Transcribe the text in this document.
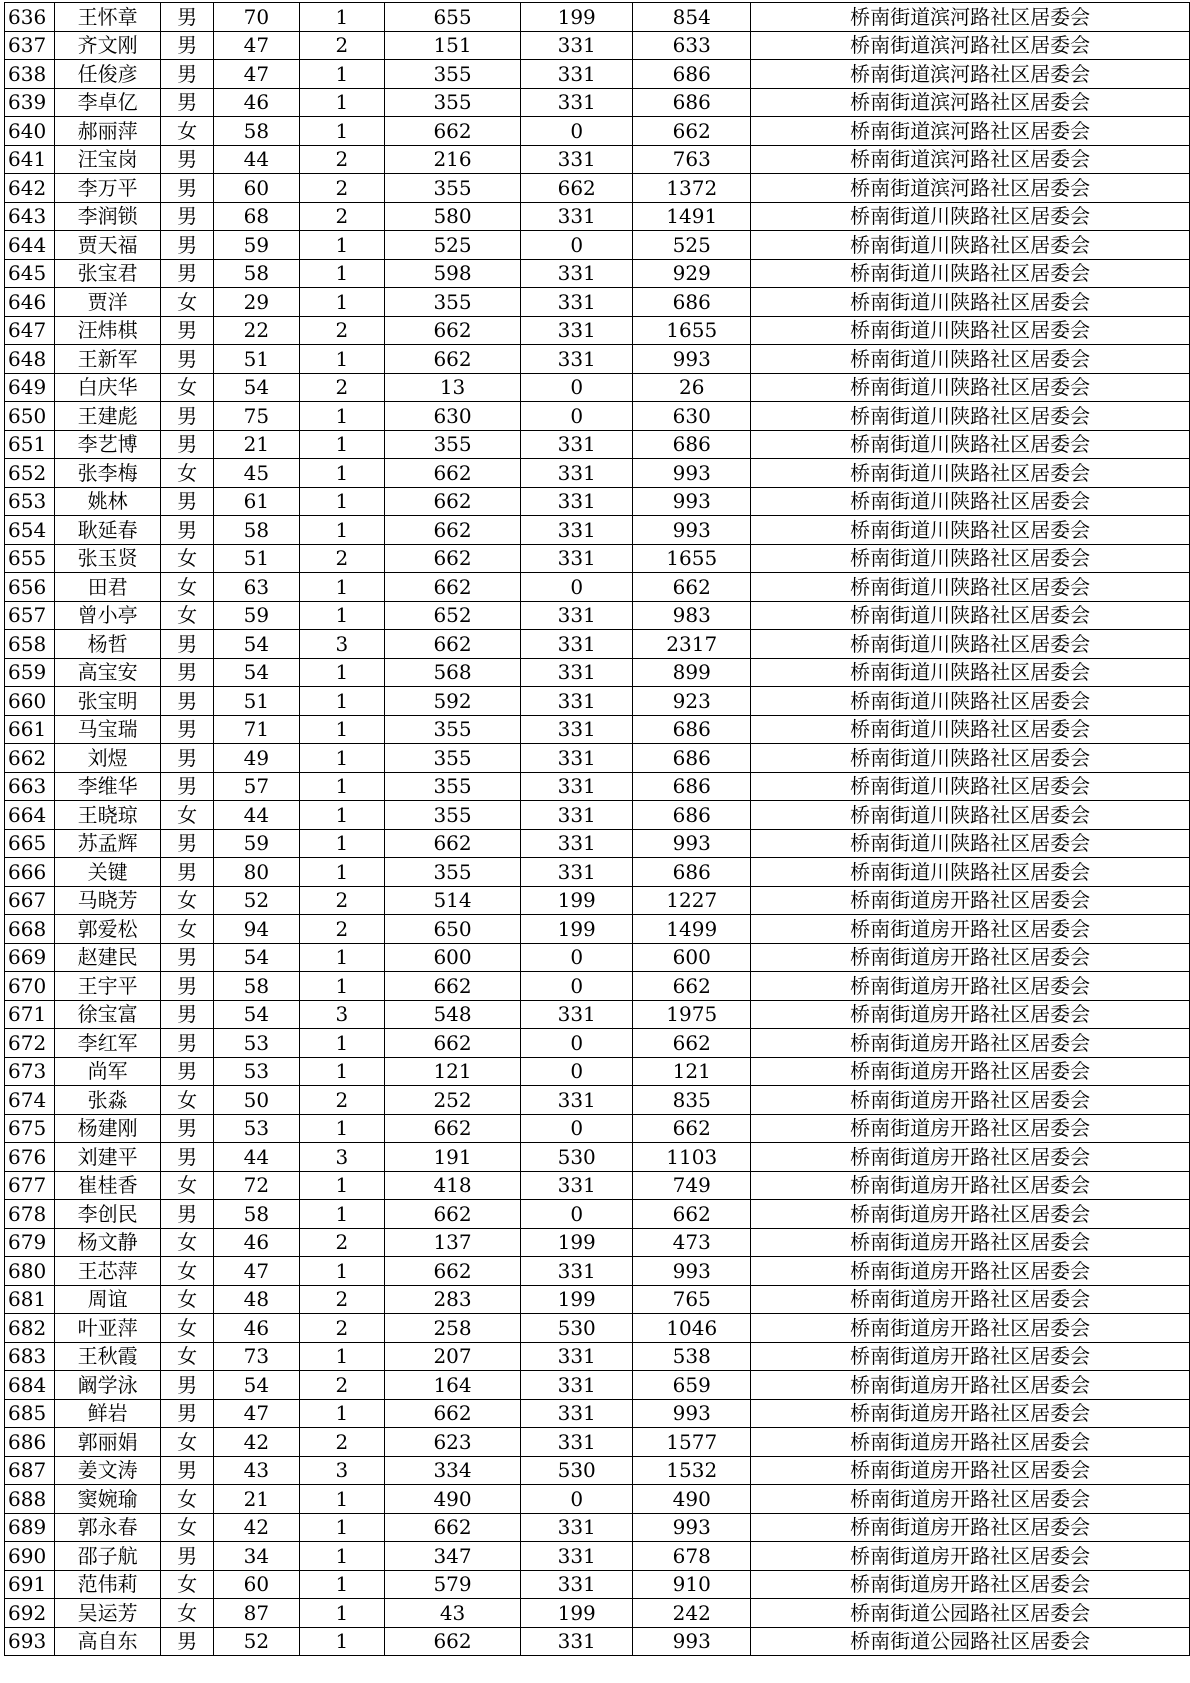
636	王怀章	男	70	1	655	199	854	桥南街道滨河路社区居委会
637	齐文刚	男	47	2	151	331	633	桥南街道滨河路社区居委会
638	任俊彦	男	47	1	355	331	686	桥南街道滨河路社区居委会
639	李卓亿	男	46	1	355	331	686	桥南街道滨河路社区居委会
640	郝丽萍	女	58	1	662	0	662	桥南街道滨河路社区居委会
641	汪宝岗	男	44	2	216	331	763	桥南街道滨河路社区居委会
642	李万平	男	60	2	355	662	1372	桥南街道滨河路社区居委会
643	李润锁	男	68	2	580	331	1491	桥南街道川陕路社区居委会
644	贾天福	男	59	1	525	0	525	桥南街道川陕路社区居委会
645	张宝君	男	58	1	598	331	929	桥南街道川陕路社区居委会
646	贾洋	女	29	1	355	331	686	桥南街道川陕路社区居委会
647	汪炜棋	男	22	2	662	331	1655	桥南街道川陕路社区居委会
648	王新军	男	51	1	662	331	993	桥南街道川陕路社区居委会
649	白庆华	女	54	2	13	0	26	桥南街道川陕路社区居委会
650	王建彪	男	75	1	630	0	630	桥南街道川陕路社区居委会
651	李艺博	男	21	1	355	331	686	桥南街道川陕路社区居委会
652	张李梅	女	45	1	662	331	993	桥南街道川陕路社区居委会
653	姚林	男	61	1	662	331	993	桥南街道川陕路社区居委会
654	耿延春	男	58	1	662	331	993	桥南街道川陕路社区居委会
655	张玉贤	女	51	2	662	331	1655	桥南街道川陕路社区居委会
656	田君	女	63	1	662	0	662	桥南街道川陕路社区居委会
657	曾小亭	女	59	1	652	331	983	桥南街道川陕路社区居委会
658	杨哲	男	54	3	662	331	2317	桥南街道川陕路社区居委会
659	高宝安	男	54	1	568	331	899	桥南街道川陕路社区居委会
660	张宝明	男	51	1	592	331	923	桥南街道川陕路社区居委会
661	马宝瑞	男	71	1	355	331	686	桥南街道川陕路社区居委会
662	刘煜	男	49	1	355	331	686	桥南街道川陕路社区居委会
663	李维华	男	57	1	355	331	686	桥南街道川陕路社区居委会
664	王晓琼	女	44	1	355	331	686	桥南街道川陕路社区居委会
665	苏孟辉	男	59	1	662	331	993	桥南街道川陕路社区居委会
666	关键	男	80	1	355	331	686	桥南街道川陕路社区居委会
667	马晓芳	女	52	2	514	199	1227	桥南街道房开路社区居委会
668	郭爱松	女	94	2	650	199	1499	桥南街道房开路社区居委会
669	赵建民	男	54	1	600	0	600	桥南街道房开路社区居委会
670	王宇平	男	58	1	662	0	662	桥南街道房开路社区居委会
671	徐宝富	男	54	3	548	331	1975	桥南街道房开路社区居委会
672	李红军	男	53	1	662	0	662	桥南街道房开路社区居委会
673	尚军	男	53	1	121	0	121	桥南街道房开路社区居委会
674	张淼	女	50	2	252	331	835	桥南街道房开路社区居委会
675	杨建刚	男	53	1	662	0	662	桥南街道房开路社区居委会
676	刘建平	男	44	3	191	530	1103	桥南街道房开路社区居委会
677	崔桂香	女	72	1	418	331	749	桥南街道房开路社区居委会
678	李创民	男	58	1	662	0	662	桥南街道房开路社区居委会
679	杨文静	女	46	2	137	199	473	桥南街道房开路社区居委会
680	王芯萍	女	47	1	662	331	993	桥南街道房开路社区居委会
681	周谊	女	48	2	283	199	765	桥南街道房开路社区居委会
682	叶亚萍	女	46	2	258	530	1046	桥南街道房开路社区居委会
683	王秋霞	女	73	1	207	331	538	桥南街道房开路社区居委会
684	阚学泳	男	54	2	164	331	659	桥南街道房开路社区居委会
685	鲜岩	男	47	1	662	331	993	桥南街道房开路社区居委会
686	郭丽娟	女	42	2	623	331	1577	桥南街道房开路社区居委会
687	姜文涛	男	43	3	334	530	1532	桥南街道房开路社区居委会
688	窦婉瑜	女	21	1	490	0	490	桥南街道房开路社区居委会
689	郭永春	女	42	1	662	331	993	桥南街道房开路社区居委会
690	邵子航	男	34	1	347	331	678	桥南街道房开路社区居委会
691	范伟莉	女	60	1	579	331	910	桥南街道房开路社区居委会
692	吴运芳	女	87	1	43	199	242	桥南街道公园路社区居委会
693	高自东	男	52	1	662	331	993	桥南街道公园路社区居委会
